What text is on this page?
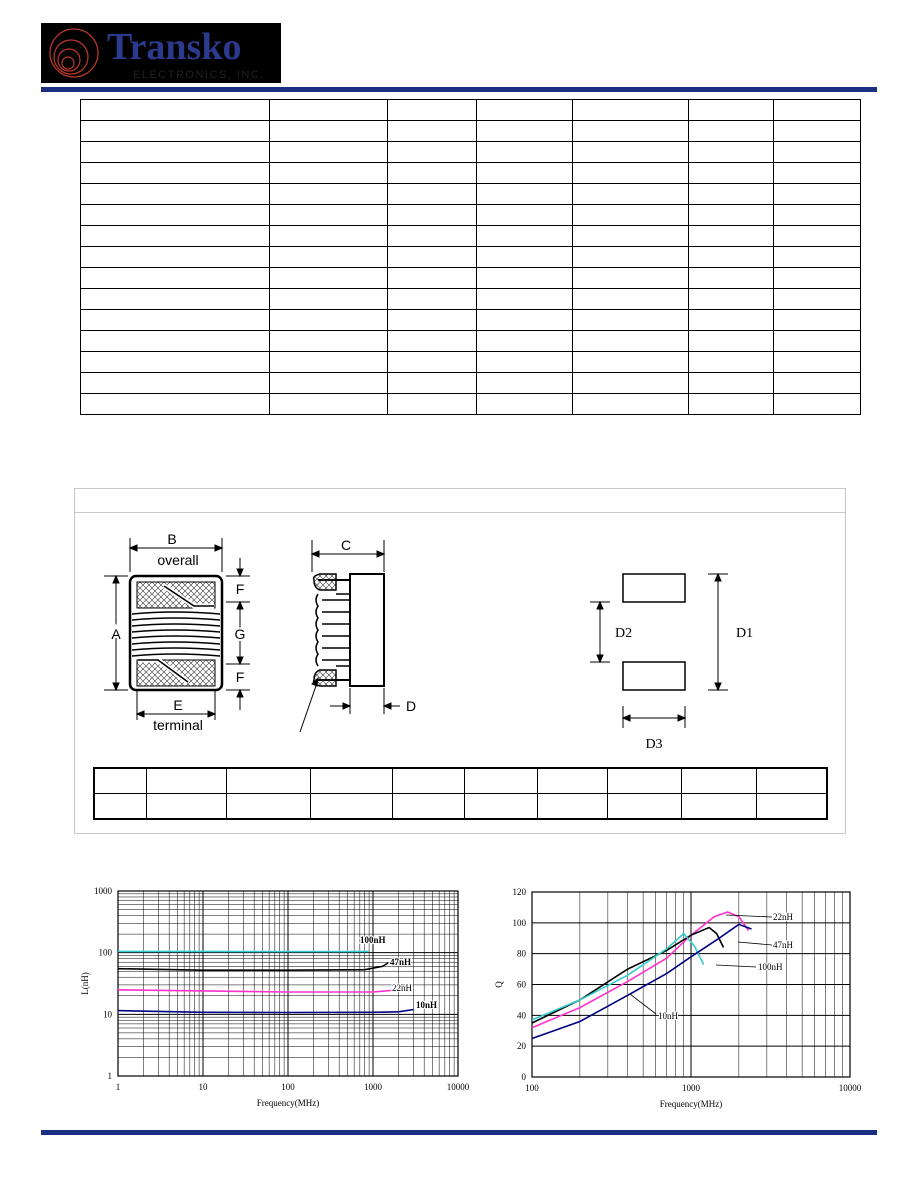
Transko
ELECTRONICS, INC.

B
overall
A
E
terminal
F
G
F
C
D
D2	D1
D3

1	10	100	1000	10000
1000
100
10
1
100nH
47nH
22nH
10nH
Frequency(MHz)
L(nH)
100	1000	10000
0
20
40
60
80
100
120
22nH
47nH
100nH
10nH
Frequency(MHz)
Q
